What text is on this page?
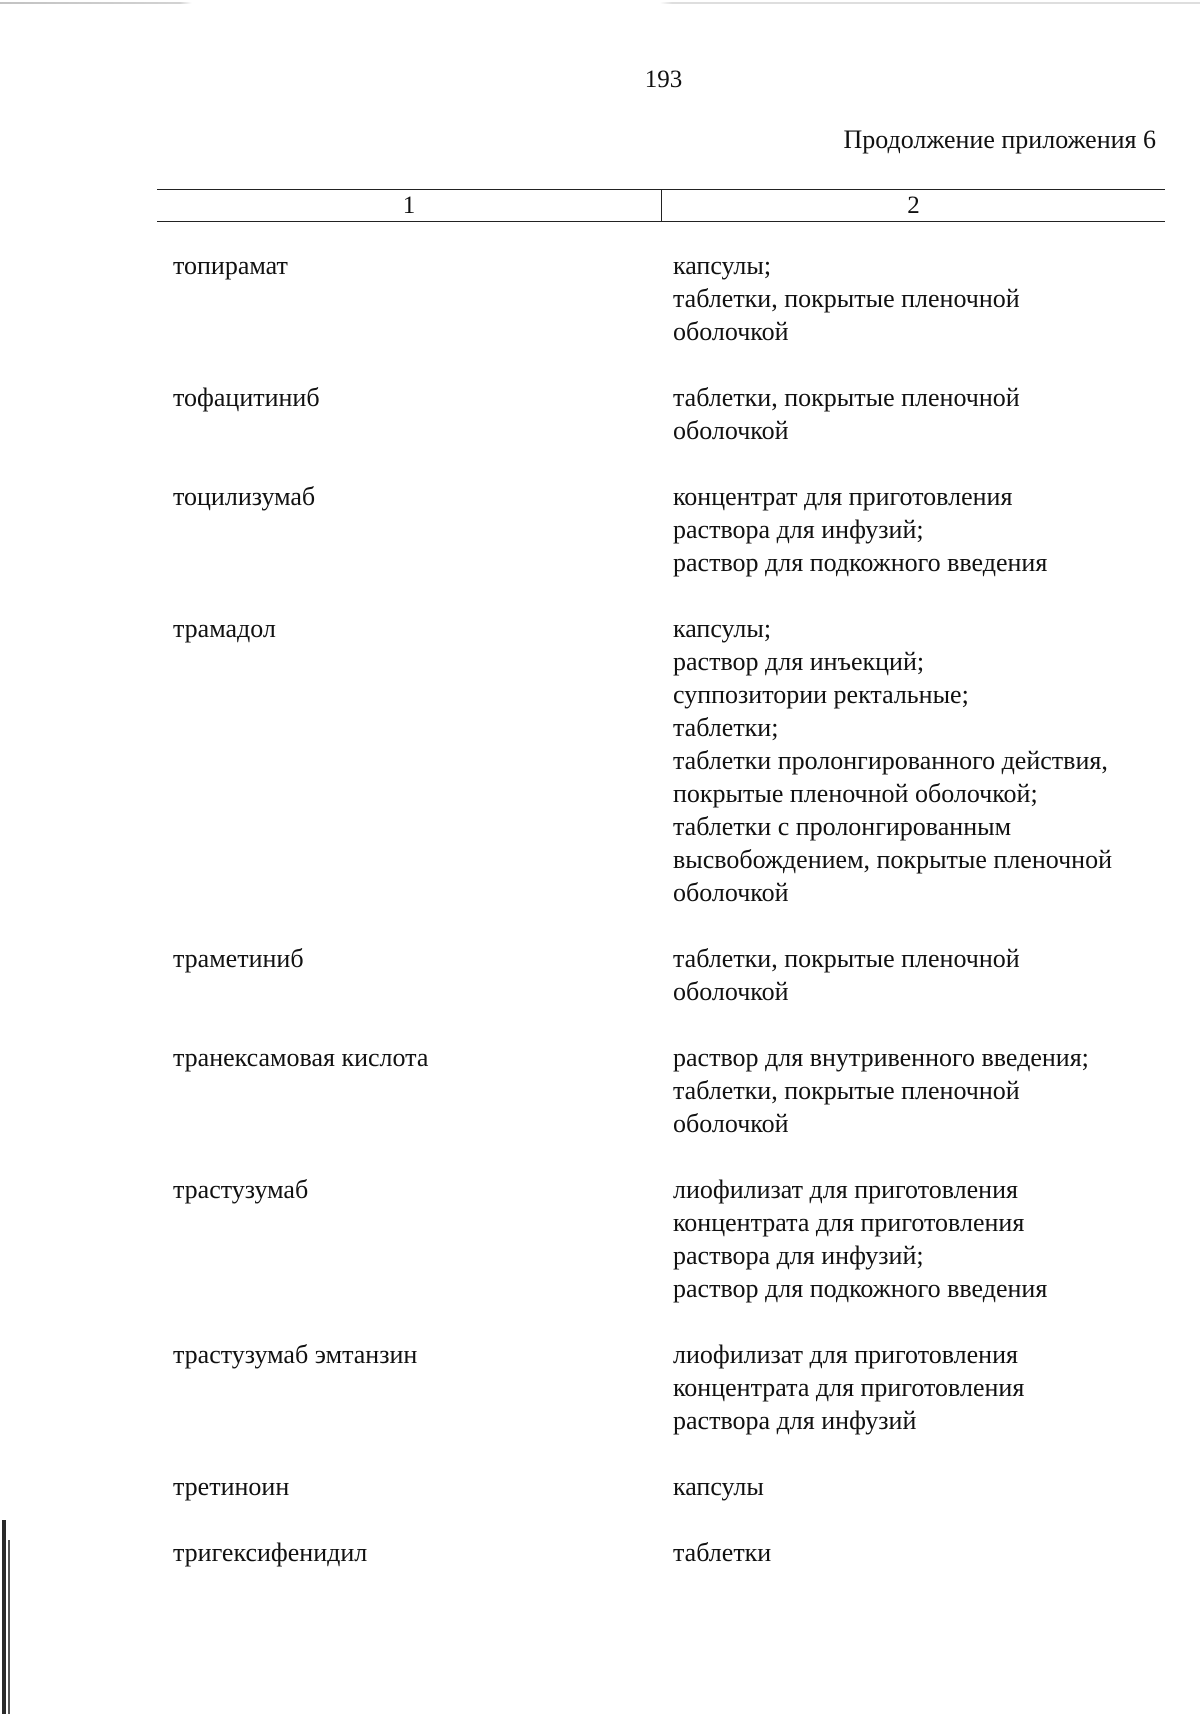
193
Продолжение приложения 6
1	2
топирамат	капсулы;
таблетки, покрытые пленочной
оболочкой
тофацитиниб	таблетки, покрытые пленочной
оболочкой
тоцилизумаб	концентрат для приготовления
раствора для инфузий;
раствор для подкожного введения
трамадол	капсулы;
раствор для инъекций;
суппозитории ректальные;
таблетки;
таблетки пролонгированного действия,
покрытые пленочной оболочкой;
таблетки с пролонгированным
высвобождением, покрытые пленочной
оболочкой
траметиниб	таблетки, покрытые пленочной
оболочкой
транексамовая кислота	раствор для внутривенного введения;
таблетки, покрытые пленочной
оболочкой
трастузумаб	лиофилизат для приготовления
концентрата для приготовления
раствора для инфузий;
раствор для подкожного введения
трастузумаб эмтанзин	лиофилизат для приготовления
концентрата для приготовления
раствора для инфузий
третиноин	капсулы
тригексифенидил	таблетки
